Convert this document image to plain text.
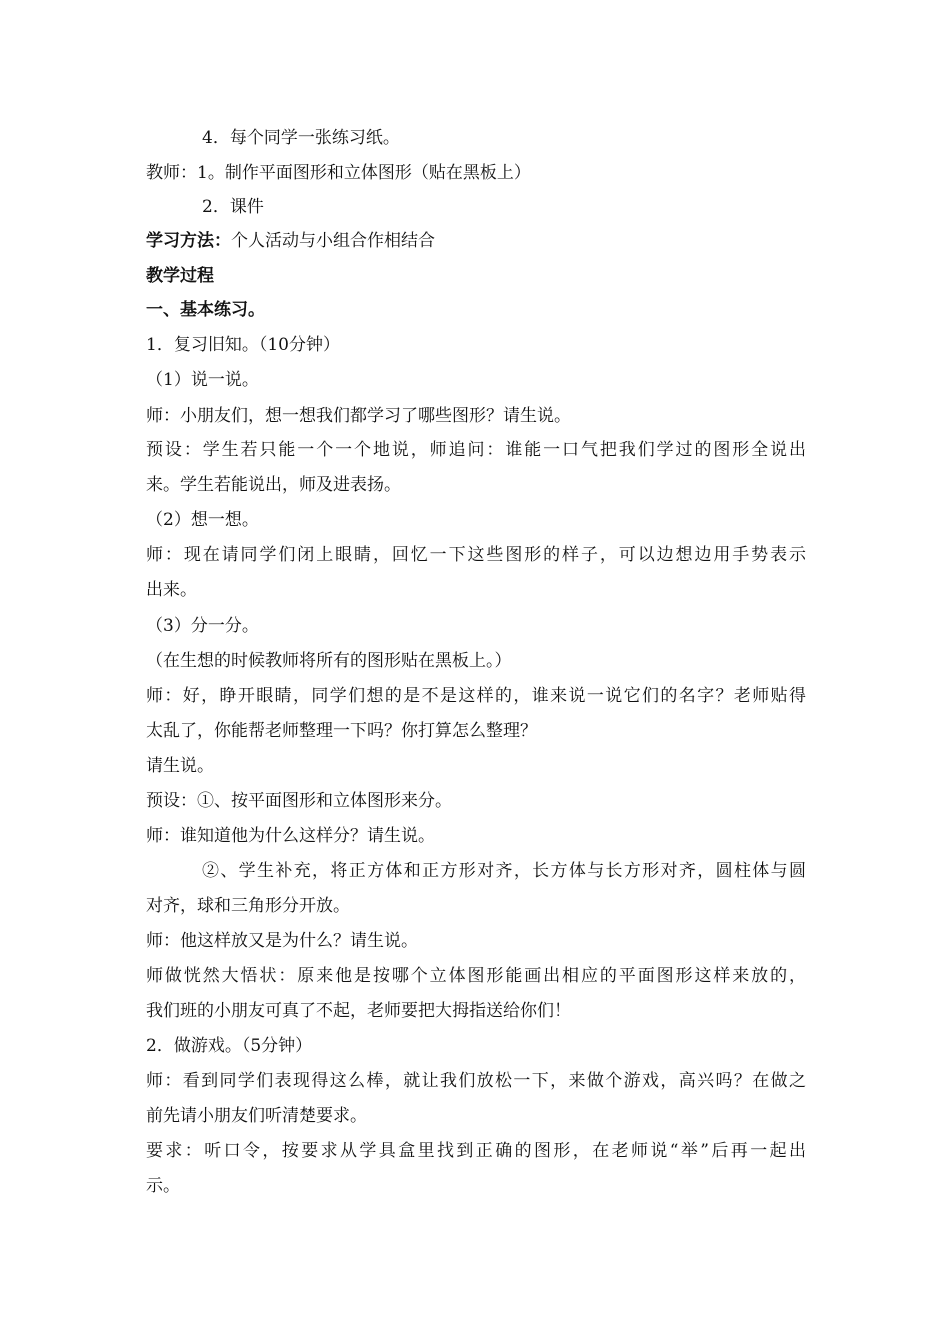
4．每个同学一张练习纸。
教师：1。制作平面图形和立体图形（贴在黑板上）
2．课件
学习方法：个人活动与小组合作相结合
教学过程
一、基本练习。
1．复习旧知。（10分钟）
（1）说一说。
师：小朋友们，想一想我们都学习了哪些图形？请生说。
预设：学生若只能一个一个地说，师追问：谁能一口气把我们学过的图形全说出
来。学生若能说出，师及进表扬。
（2）想一想。
师：现在请同学们闭上眼睛，回忆一下这些图形的样子，可以边想边用手势表示
出来。
（3）分一分。
（在生想的时候教师将所有的图形贴在黑板上。）
师：好，睁开眼睛，同学们想的是不是这样的，谁来说一说它们的名字？老师贴得
太乱了，你能帮老师整理一下吗？你打算怎么整理？
请生说。
预设：①、按平面图形和立体图形来分。
师：谁知道他为什么这样分？请生说。
②、学生补充，将正方体和正方形对齐，长方体与长方形对齐，圆柱体与圆
对齐，球和三角形分开放。
师：他这样放又是为什么？请生说。
师做恍然大悟状：原来他是按哪个立体图形能画出相应的平面图形这样来放的，
我们班的小朋友可真了不起，老师要把大拇指送给你们！
2．做游戏。（5分钟）
师：看到同学们表现得这么棒，就让我们放松一下，来做个游戏，高兴吗？在做之
前先请小朋友们听清楚要求。
要求：听口令，按要求从学具盒里找到正确的图形，在老师说“举”后再一起出
示。
